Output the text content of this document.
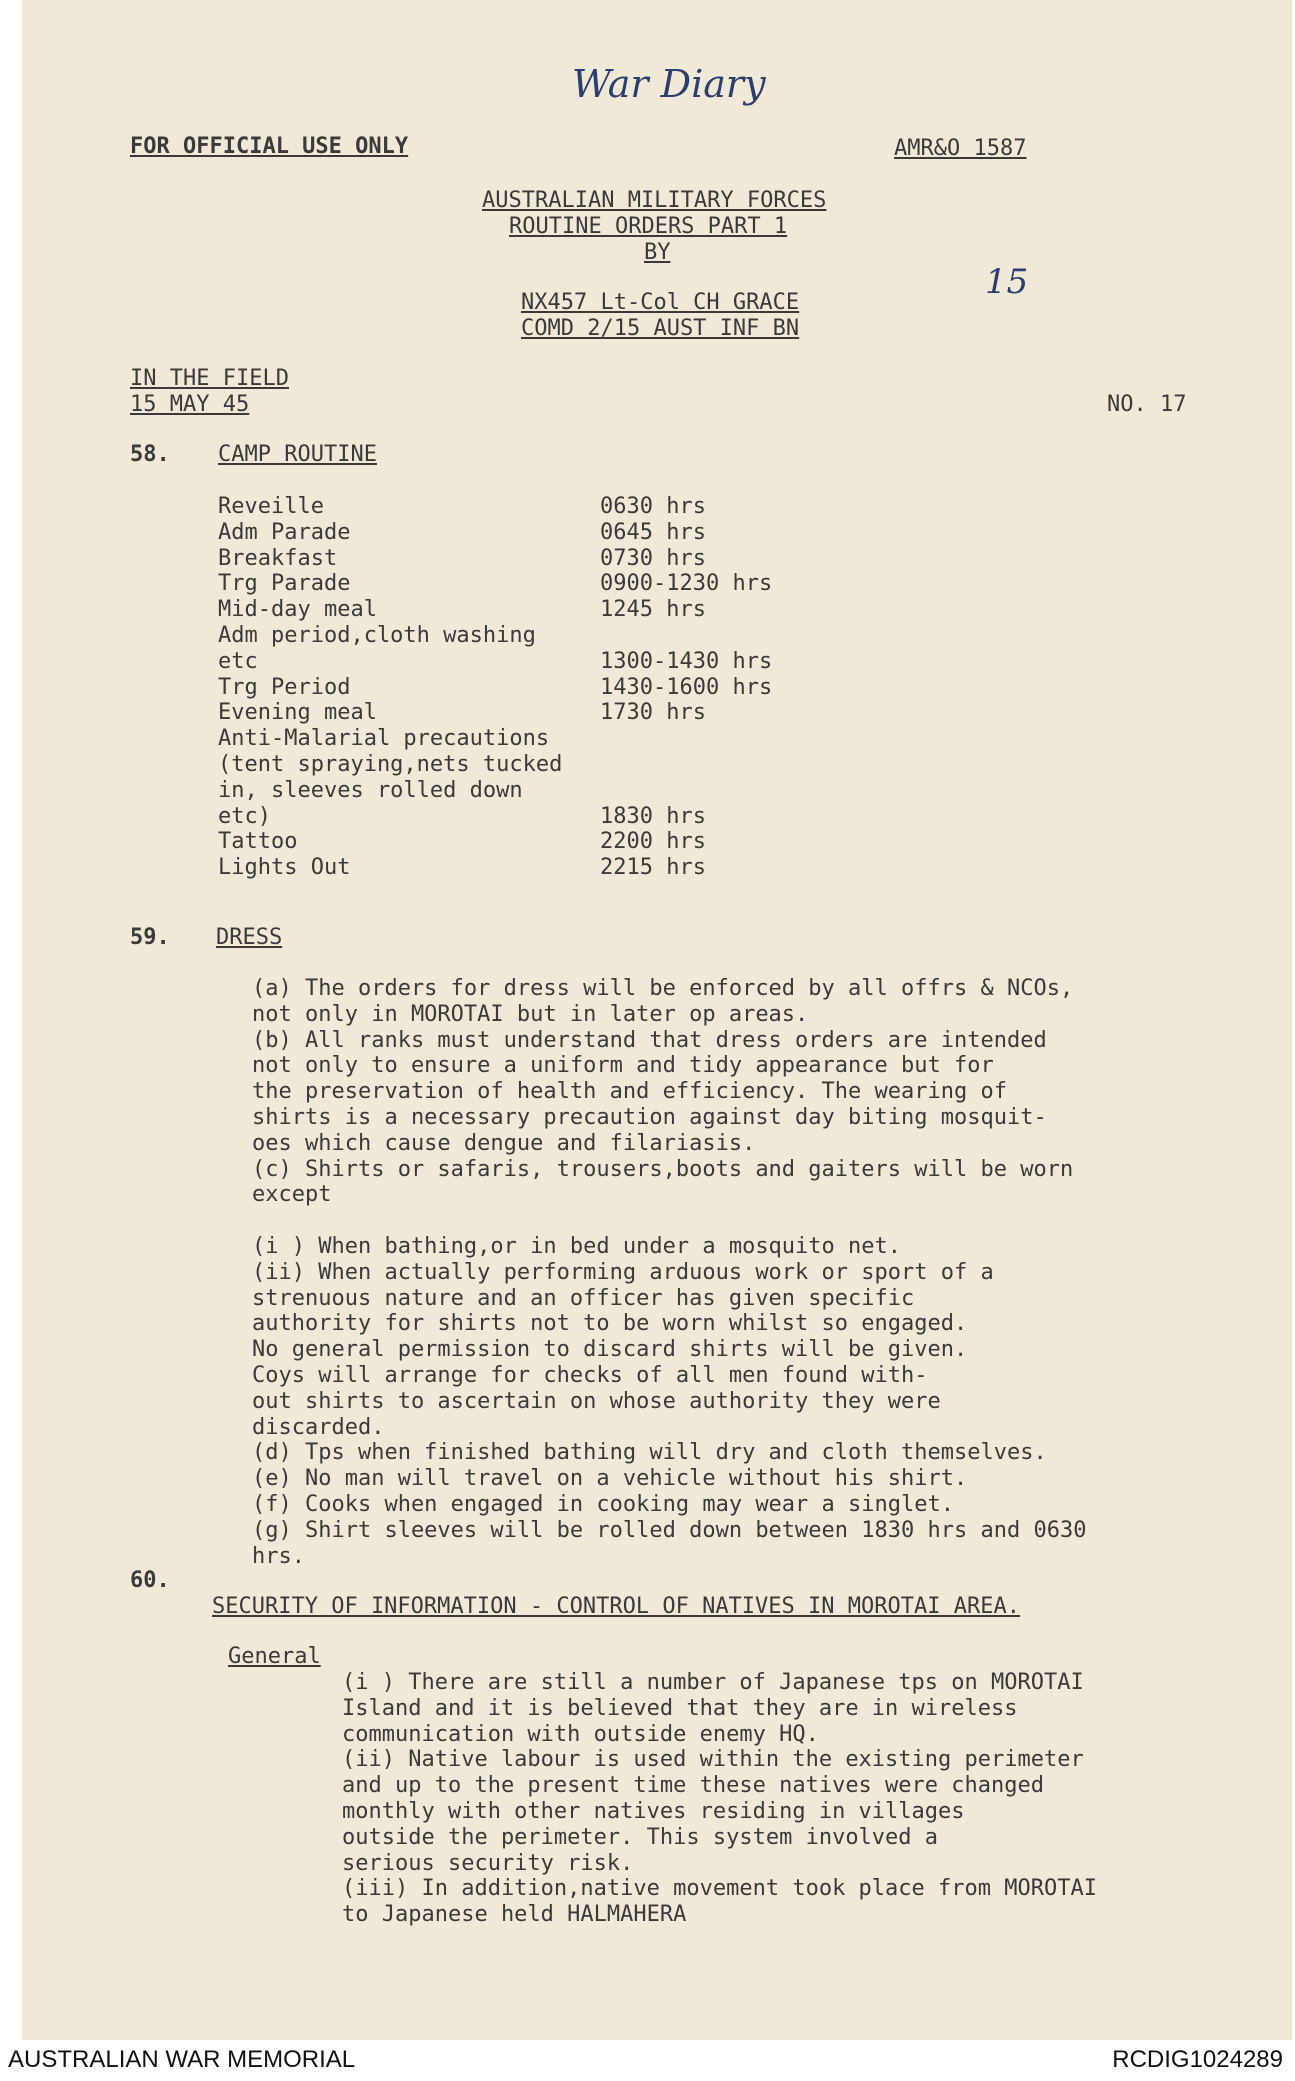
War Diary
15
FOR OFFICIAL USE ONLY	AMR&O 1587
AUSTRALIAN MILITARY FORCES
ROUTINE ORDERS PART 1
BY
NX457 Lt-Col CH GRACE
COMD 2/15 AUST INF BN
IN THE FIELD
15 MAY 45	NO. 17
58. CAMP ROUTINE
Reveille	0630 hrs
Adm Parade	0645 hrs
Breakfast	0730 hrs
Trg Parade	0900-1230 hrs
Mid-day meal	1245 hrs
Adm period,cloth washing
etc	1300-1430 hrs
Trg Period	1430-1600 hrs
Evening meal	1730 hrs
Anti-Malarial precautions
(tent spraying,nets tucked
in, sleeves rolled down
etc)	1830 hrs
Tattoo	2200 hrs
Lights Out	2215 hrs
59. DRESS
(a) The orders for dress will be enforced by all offrs & NCOs,
not only in MOROTAI but in later op areas.
(b) All ranks must understand that dress orders are intended
not only to ensure a uniform and tidy appearance but for
the preservation of health and efficiency. The wearing of
shirts is a necessary precaution against day biting mosquit-
oes which cause dengue and filariasis.
(c) Shirts or safaris, trousers,boots and gaiters will be worn
except
(i ) When bathing,or in bed under a mosquito net.
(ii) When actually performing arduous work or sport of a
strenuous nature and an officer has given specific
authority for shirts not to be worn whilst so engaged.
No general permission to discard shirts will be given.
Coys will arrange for checks of all men found with-
out shirts to ascertain on whose authority they were
discarded.
(d) Tps when finished bathing will dry and cloth themselves.
(e) No man will travel on a vehicle without his shirt.
(f) Cooks when engaged in cooking may wear a singlet.
(g) Shirt sleeves will be rolled down between 1830 hrs and 0630
hrs.
60.
SECURITY OF INFORMATION - CONTROL OF NATIVES IN MOROTAI AREA.
General
(i ) There are still a number of Japanese tps on MOROTAI
Island and it is believed that they are in wireless
communication with outside enemy HQ.
(ii) Native labour is used within the existing perimeter
and up to the present time these natives were changed
monthly with other natives residing in villages
outside the perimeter. This system involved a
serious security risk.
(iii) In addition,native movement took place from MOROTAI
to Japanese held HALMAHERA
AUSTRALIAN WAR MEMORIAL	RCDIG1024289
